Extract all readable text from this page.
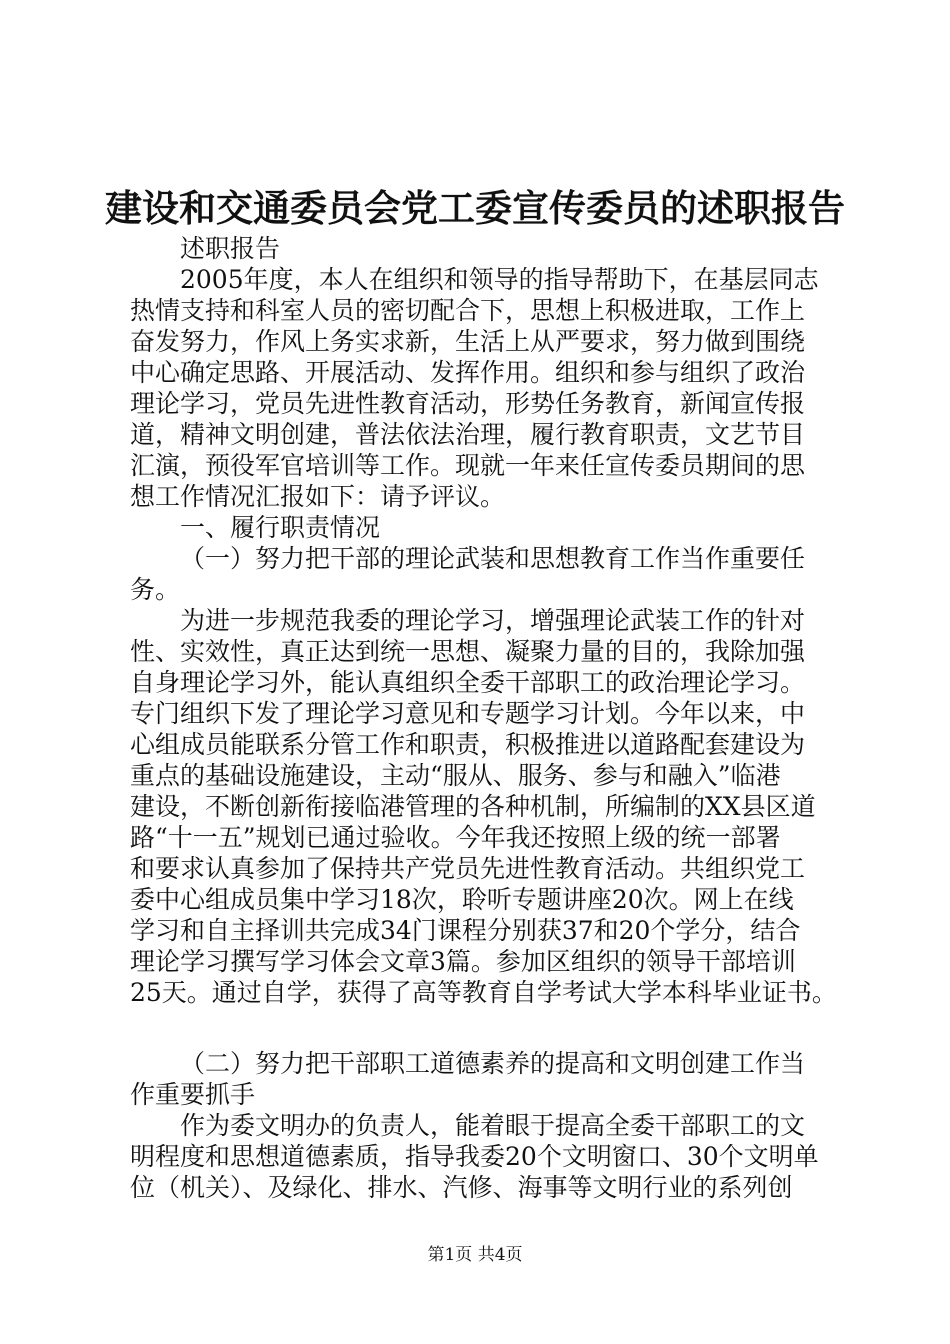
建设和交通委员会党工委宣传委员的述职报告
述职报告
2005年度，本人在组织和领导的指导帮助下，在基层同志
热情支持和科室人员的密切配合下，思想上积极进取，工作上
奋发努力，作风上务实求新，生活上从严要求，努力做到围绕
中心确定思路、开展活动、发挥作用。组织和参与组织了政治
理论学习，党员先进性教育活动，形势任务教育，新闻宣传报
道，精神文明创建，普法依法治理，履行教育职责，文艺节目
汇演，预役军官培训等工作。现就一年来任宣传委员期间的思
想工作情况汇报如下：请予评议。
一、履行职责情况
（一）努力把干部的理论武装和思想教育工作当作重要任
务。
为进一步规范我委的理论学习，增强理论武装工作的针对
性、实效性，真正达到统一思想、凝聚力量的目的，我除加强
自身理论学习外，能认真组织全委干部职工的政治理论学习。
专门组织下发了理论学习意见和专题学习计划。今年以来，中
心组成员能联系分管工作和职责，积极推进以道路配套建设为
重点的基础设施建设，主动“服从、服务、参与和融入”临港
建设，不断创新衔接临港管理的各种机制，所编制的XX县区道
路“十一五”规划已通过验收。今年我还按照上级的统一部署
和要求认真参加了保持共产党员先进性教育活动。共组织党工
委中心组成员集中学习18次，聆听专题讲座20次。网上在线
学习和自主择训共完成34门课程分别获37和20个学分，结合
理论学习撰写学习体会文章3篇。参加区组织的领导干部培训
25天。通过自学，获得了高等教育自学考试大学本科毕业证书。
（二）努力把干部职工道德素养的提高和文明创建工作当
作重要抓手
作为委文明办的负责人，能着眼于提高全委干部职工的文
明程度和思想道德素质，指导我委20个文明窗口、30个文明单
位（机关）、及绿化、排水、汽修、海事等文明行业的系列创
第1页 共4页
